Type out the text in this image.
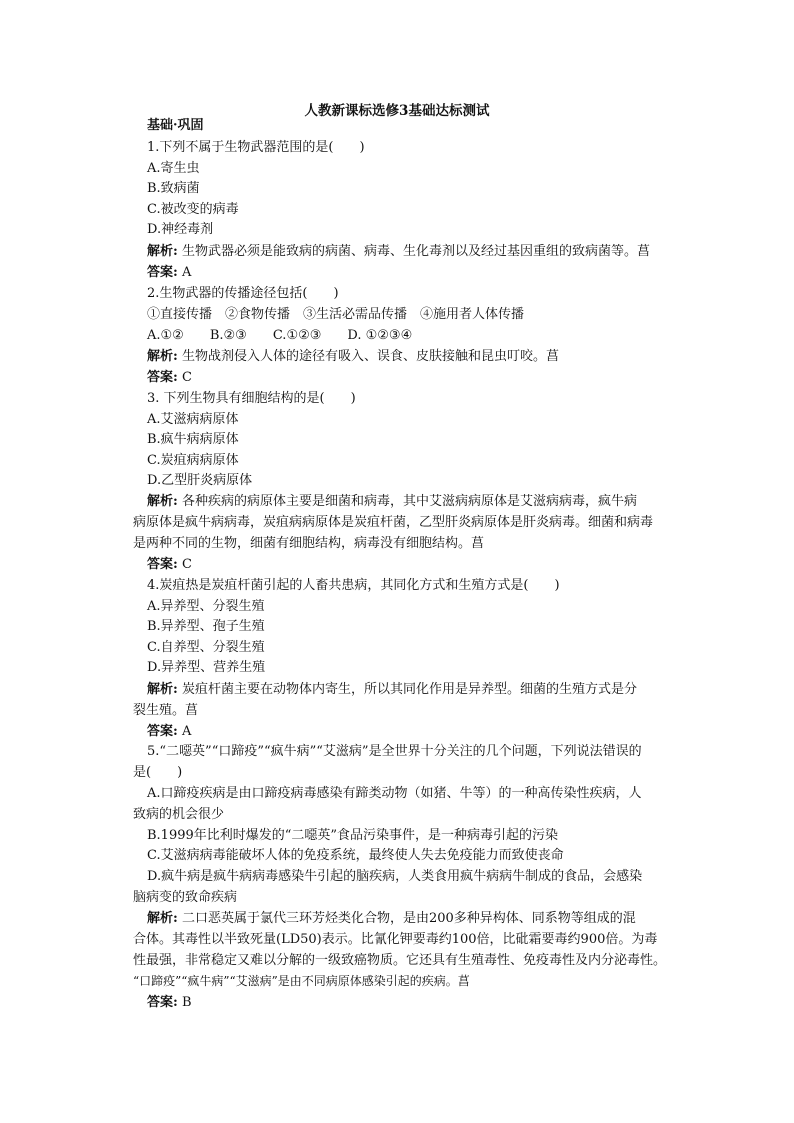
人教新课标选修3基础达标测试
基础·巩固
1.下列不属于生物武器范围的是(　　)
A.寄生虫
B.致病菌
C.被改变的病毒
D.神经毒剂
解析: 生物武器必须是能致病的病菌、病毒、生化毒剂以及经过基因重组的致病菌等。菖
答案: A
2.生物武器的传播途径包括(　　)
①直接传播　②食物传播　③生活必需品传播　④施用者人体传播
A.①②　　B.②③　　C.①②③　　D. ①②③④
解析: 生物战剂侵入人体的途径有吸入、误食、皮肤接触和昆虫叮咬。菖
答案: C
3. 下列生物具有细胞结构的是(　　)
A.艾滋病病原体
B.疯牛病病原体
C.炭疽病病原体
D.乙型肝炎病原体
解析: 各种疾病的病原体主要是细菌和病毒，其中艾滋病病原体是艾滋病病毒，疯牛病
病原体是疯牛病病毒，炭疽病病原体是炭疽杆菌，乙型肝炎病原体是肝炎病毒。细菌和病毒
是两种不同的生物，细菌有细胞结构，病毒没有细胞结构。菖
答案: C
4.炭疽热是炭疽杆菌引起的人畜共患病，其同化方式和生殖方式是(　　)
A.异养型、分裂生殖
B.异养型、孢子生殖
C.自养型、分裂生殖
D.异养型、营养生殖
解析: 炭疽杆菌主要在动物体内寄生，所以其同化作用是异养型。细菌的生殖方式是分
裂生殖。菖
答案: A
5.“二噁英”“口蹄疫”“疯牛病”“艾滋病”是全世界十分关注的几个问题，下列说法错误的
是(　　)
A.口蹄疫疾病是由口蹄疫病毒感染有蹄类动物（如猪、牛等）的一种高传染性疾病，人
致病的机会很少
B.1999年比利时爆发的“二噁英”食品污染事件，是一种病毒引起的污染
C.艾滋病病毒能破坏人体的免疫系统，最终使人失去免疫能力而致使丧命
D.疯牛病是疯牛病病毒感染牛引起的脑疾病，人类食用疯牛病病牛制成的食品，会感染
脑病变的致命疾病
解析: 二口恶英属于氯代三环芳烃类化合物，是由200多种异构体、同系物等组成的混
合体。其毒性以半致死量(LD50)表示。比氰化钾要毒约100倍，比砒霜要毒约900倍。为毒
性最强，非常稳定又难以分解的一级致癌物质。它还具有生殖毒性、免疫毒性及内分泌毒性。
“口蹄疫”“疯牛病”“艾滋病”是由不同病原体感染引起的疾病。菖
答案: B
